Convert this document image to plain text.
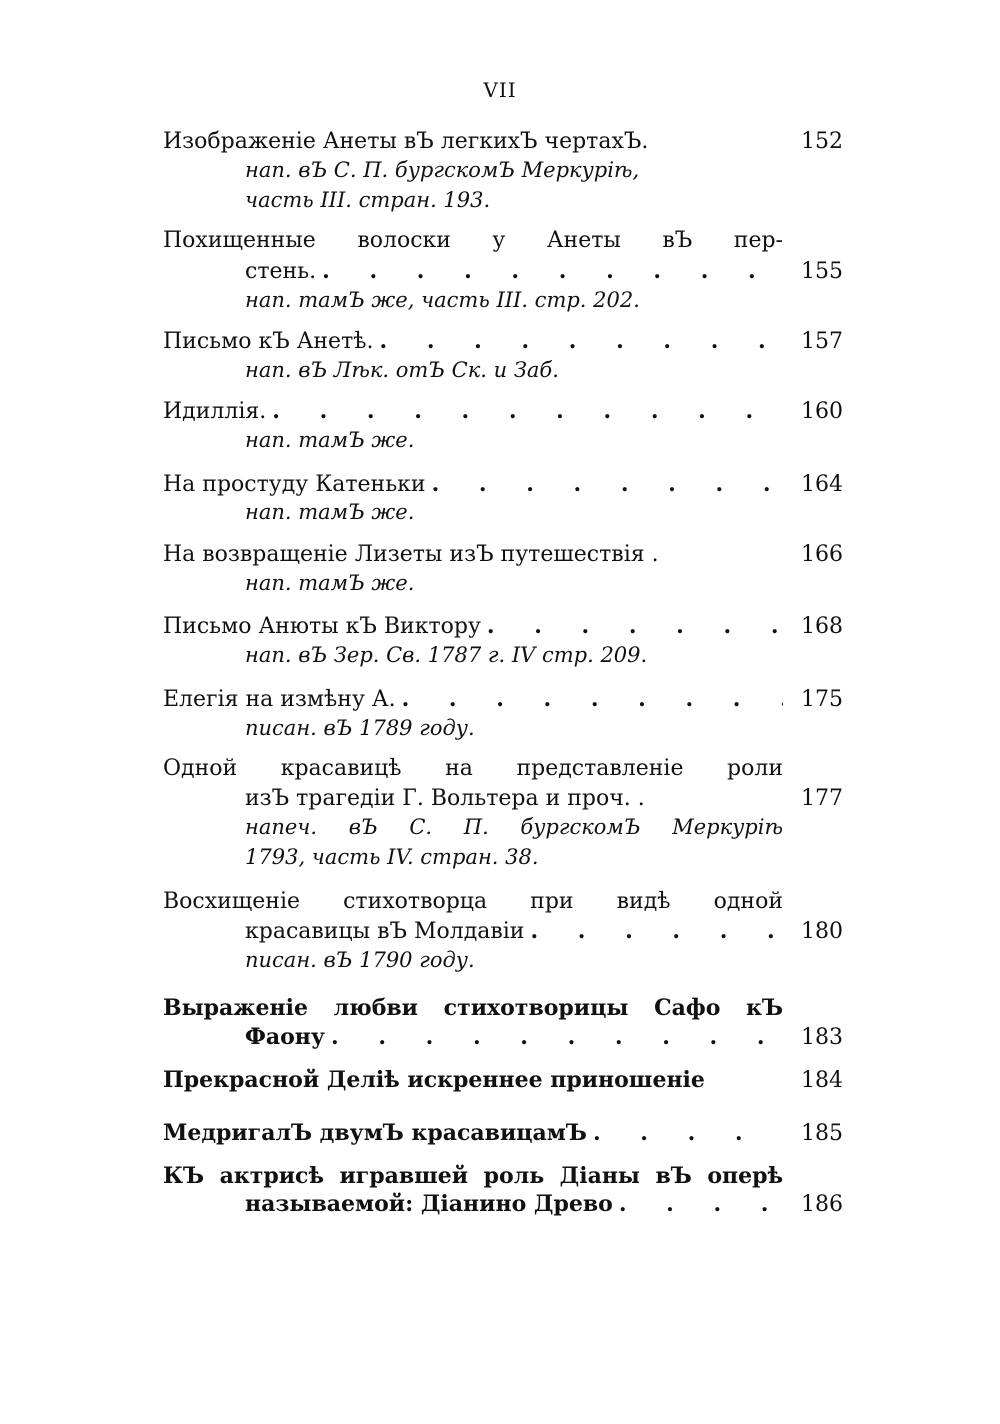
VII
Изображеніе Анеты вЪ легкихЪ чертахЪ.	152
нап. вЪ С. П. бургскомЪ Меркурiѣ,
часть III. стран. 193.
Похищенные волоски у Анеты вЪ пер-
стень. . . .	155
нап. тамЪ же, часть III. стр. 202.
Письмо кЪ Анетѣ. . . .	157
нап. вЪ Лѣк. отЪ Ск. и Заб.
Идиллія. . . .	160
нап. тамЪ же.
На простуду Катеньки . . .	164
нап. тамЪ же.
На возвращеніе Лизеты изЪ путешествія .	166
нап. тамЪ же.
Письмо Анюты кЪ Виктору . . .	168
нап. вЪ Зер. Св. 1787 г. IV стр. 209.
Елегія на измѣну А. . . .	175
писан. вЪ 1789 году.
Одной красавицѣ на представленіе роли
изЪ трагедіи Г. Вольтера и проч. .	177
напеч. вЪ С. П. бургскомЪ Меркурiѣ
1793, часть IV. стран. 38.
Восхищеніе стихотворца при видѣ одной
красавицы вЪ Молдавіи . . .	180
писан. вЪ 1790 году.
Выраженіе любви стихотворицы Сафо кЪ
Фаону . . .	183
Прекрасной Деліѣ искреннее приношеніе	184
МедригалЪ двумЪ красавицамЪ . . .	185
КЪ актрисѣ игравшей роль Діаны вЪ оперѣ
называемой: Діанино Древо . . .	186
